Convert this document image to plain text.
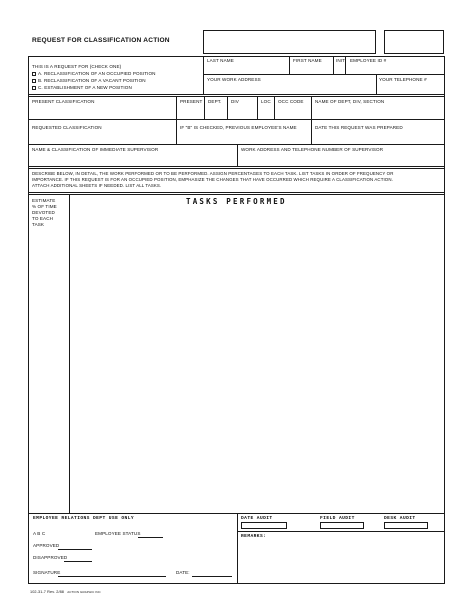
REQUEST FOR CLASSIFICATION ACTION
THIS IS A REQUEST FOR (CHECK ONE)
A. RECLASSIFICATION OF AN OCCUPIED POSITION
B. RECLASSIFICATION OF A VACANT POSITION
C. ESTABLISHMENT OF A NEW POSITION
LAST NAME	FIRST NAME	INIT EMPLOYEE ID #
YOUR WORK ADDRESS	YOUR TELEPHONE #
PRESENT CLASSIFICATION	PRESENT DEPT. DIV	LOC OCC CODE NAME OF DEPT, DIV, SECTION
REQUESTED CLASSIFICATION	IF "B" IS CHECKED, PREVIOUS EMPLOYEE'S NAME	DATE THIS REQUEST WAS PREPARED
NAME & CLASSIFICATION OF IMMEDIATE SUPERVISOR	WORK ADDRESS AND TELEPHONE NUMBER OF SUPERVISOR
DESCRIBE BELOW, IN DETAIL, THE WORK PERFORMED OR TO BE PERFORMED. ASSIGN PERCENTAGES TO EACH TASK. LIST TASKS IN ORDER OF FREQUENCY OR
IMPORTANCE. IF THIS REQUEST IS FOR AN OCCUPIED POSITION, EMPHASIZE THE CHANGES THAT HAVE OCCURRED WHICH REQUIRE A CLASSIFICATION ACTION.
ATTACH ADDITIONAL SHEETS IF NEEDED. LIST ALL TASKS.
ESTIMATE
% OF TIME
DEVOTED
TO EACH
TASK
TASKS PERFORMED
EMPLOYEE RELATIONS DEPT USE ONLY
A B C	EMPLOYEE STATUS
APPROVED
DISAPPROVED
SIGNATURE	DATE:
DATE AUDIT	FIELD AUDIT	DESK AUDIT
REMARKS:
102-31-7 Rev. 2/88 ACTION GRAPHIC INC
